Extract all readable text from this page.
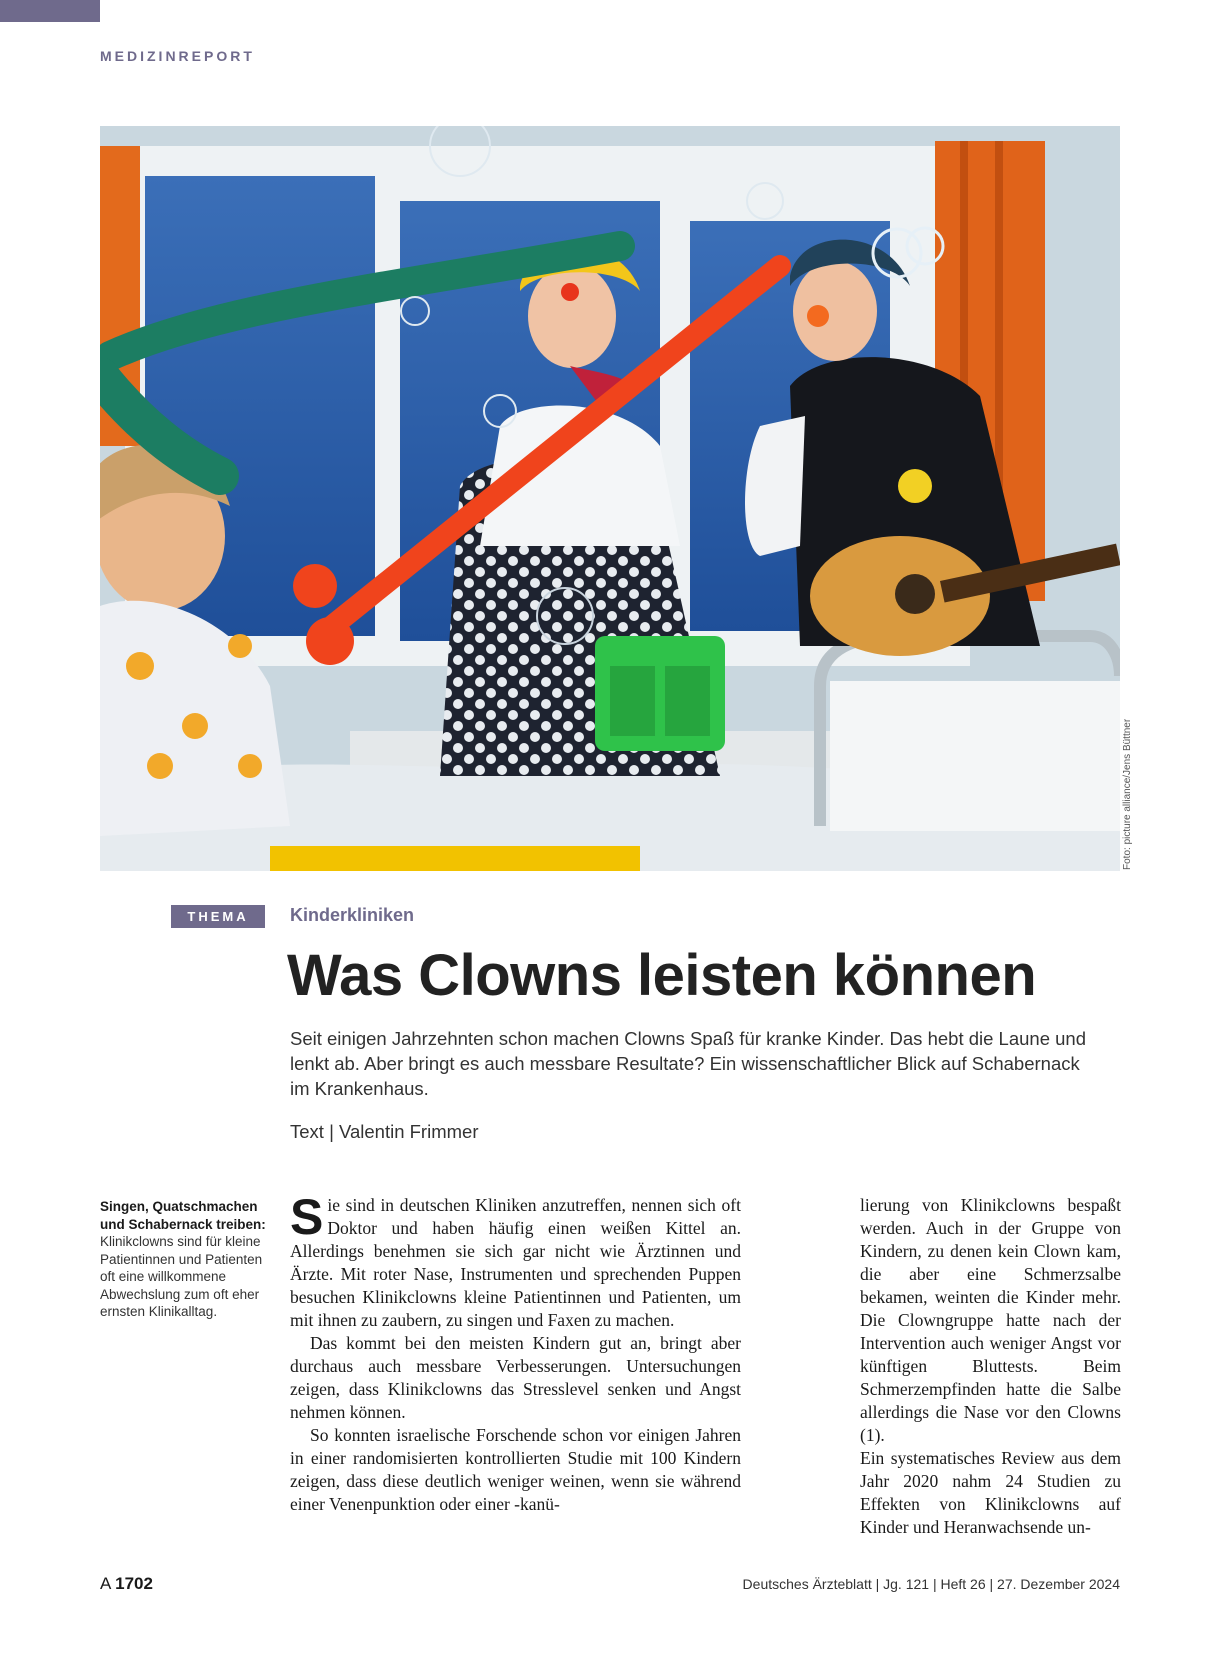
MEDIZINREPORT
Foto: picture alliance/Jens Büttner
THEMA	Kinderkliniken
Was Clowns leisten können
Seit einigen Jahrzehnten schon machen Clowns Spaß für kranke Kinder. Das hebt die Laune und lenkt ab. Aber bringt es auch messbare Resultate? Ein wissenschaftlicher Blick auf Schabernack im Krankenhaus.
Text | Valentin Frimmer
Singen, Quatschmachen und Schabernack treiben: Klinikclowns sind für kleine Patientinnen und Patienten oft eine willkommene Abwechslung zum oft eher ernsten Klinikalltag.

Sie sind in deutschen Kliniken anzutreffen, nennen sich oft Doktor und haben häufig einen weißen Kittel an. Allerdings benehmen sie sich gar nicht wie Ärztinnen und Ärzte. Mit roter Nase, Instrumenten und sprechenden Puppen besuchen Klinikclowns kleine Patientinnen und Patienten, um mit ihnen zu zaubern, zu singen und Faxen zu machen.

Das kommt bei den meisten Kindern gut an, bringt aber durchaus auch messbare Verbesserungen. Untersuchungen zeigen, dass Klinikclowns das Stresslevel senken und Angst nehmen können.

So konnten israelische Forschende schon vor einigen Jahren in einer randomisierten kontrollierten Studie mit 100 Kindern zeigen, dass diese deutlich weniger weinen, wenn sie während einer Venenpunktion oder einer -kanü-

lierung von Klinikclowns bespaßt werden. Auch in der Gruppe von Kindern, zu denen kein Clown kam, die aber eine Schmerzsalbe bekamen, weinten die Kinder mehr. Die Clowngruppe hatte nach der Intervention auch weniger Angst vor künftigen Bluttests. Beim Schmerzempfinden hatte die Salbe allerdings die Nase vor den Clowns (1).

Ein systematisches Review aus dem Jahr 2020 nahm 24 Studien zu Effekten von Klinikclowns auf Kinder und Heranwachsende un-

A 1702	Deutsches Ärzteblatt | Jg. 121 | Heft 26 | 27. Dezember 2024
